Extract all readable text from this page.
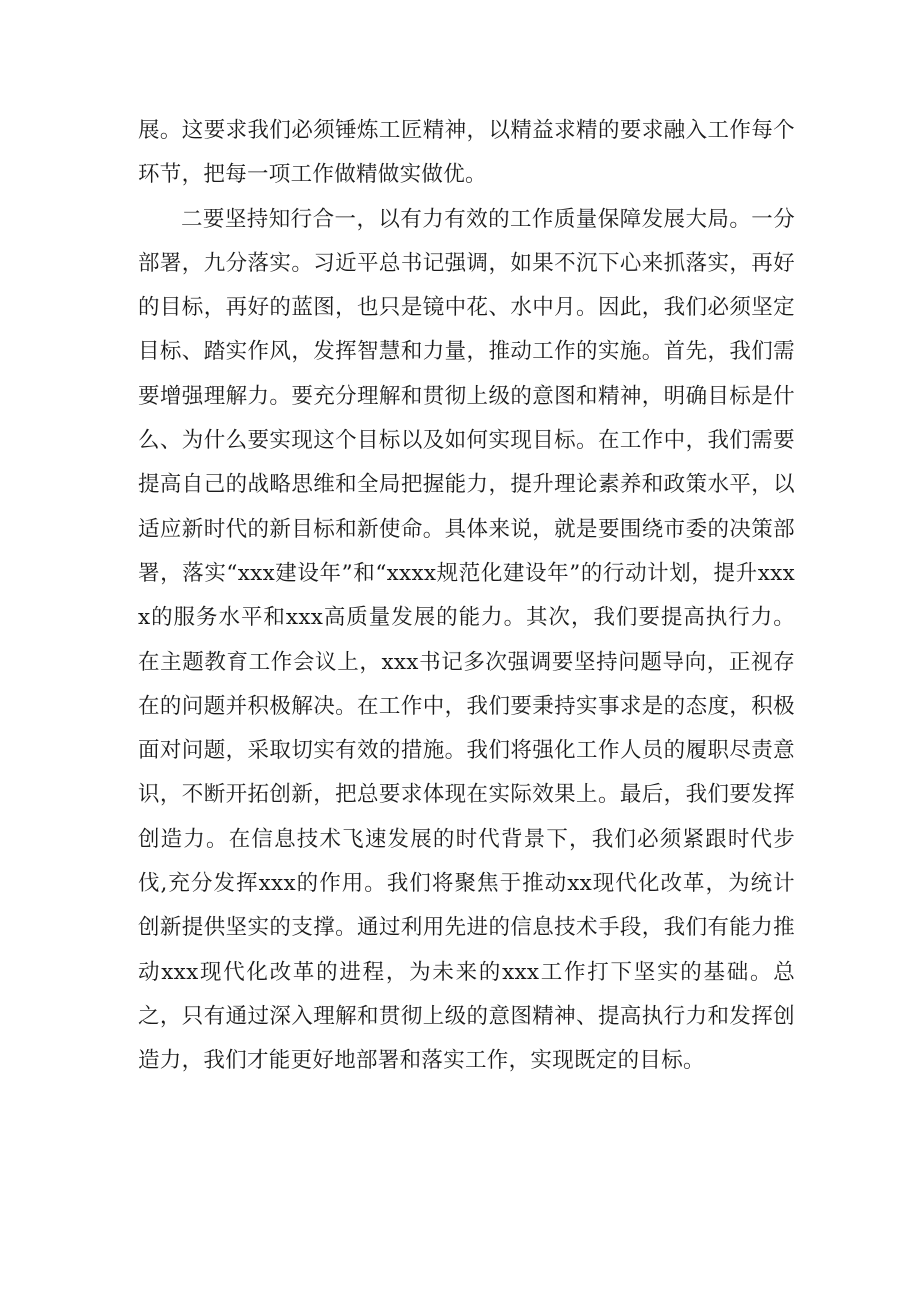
展。这要求我们必须锤炼工匠精神，以精益求精的要求融入工作每个环节，把每一项工作做精做实做优。

二要坚持知行合一，以有力有效的工作质量保障发展大局。一分部署，九分落实。习近平总书记强调，如果不沉下心来抓落实，再好的目标，再好的蓝图，也只是镜中花、水中月。因此，我们必须坚定目标、踏实作风，发挥智慧和力量，推动工作的实施。首先，我们需要增强理解力。要充分理解和贯彻上级的意图和精神，明确目标是什么、为什么要实现这个目标以及如何实现目标。在工作中，我们需要提高自己的战略思维和全局把握能力，提升理论素养和政策水平，以适应新时代的新目标和新使命。具体来说，就是要围绕市委的决策部署，落实“xxx建设年”和“xxxx规范化建设年”的行动计划，提升xxxx的服务水平和xxx高质量发展的能力。其次，我们要提高执行力。在主题教育工作会议上，xxx书记多次强调要坚持问题导向，正视存在的问题并积极解决。在工作中，我们要秉持实事求是的态度，积极面对问题，采取切实有效的措施。我们将强化工作人员的履职尽责意识，不断开拓创新，把总要求体现在实际效果上。最后，我们要发挥创造力。在信息技术飞速发展的时代背景下，我们必须紧跟时代步伐,充分发挥xxx的作用。我们将聚焦于推动xx现代化改革，为统计创新提供坚实的支撑。通过利用先进的信息技术手段，我们有能力推动xxx现代化改革的进程，为未来的xxx工作打下坚实的基础。总之，只有通过深入理解和贯彻上级的意图精神、提高执行力和发挥创造力，我们才能更好地部署和落实工作，实现既定的目标。
